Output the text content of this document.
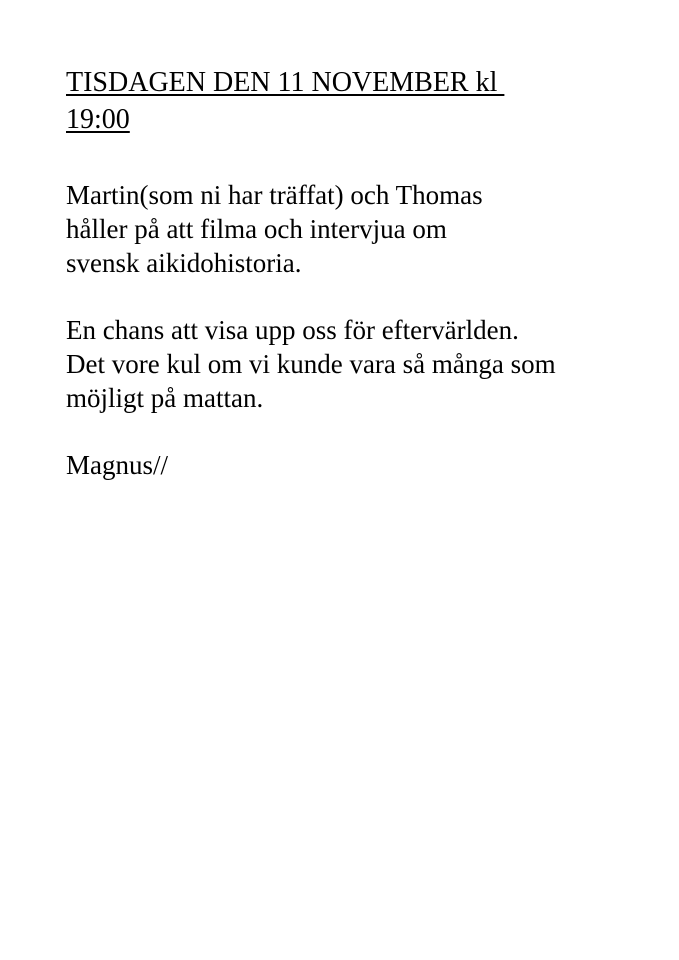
TISDAGEN DEN 11 NOVEMBER kl
19:00

Martin(som ni har träffat) och Thomas
håller på att filma och intervjua om
svensk aikidohistoria.

En chans att visa upp oss för eftervärlden.
Det vore kul om vi kunde vara så många som
möjligt på mattan.

Magnus//
